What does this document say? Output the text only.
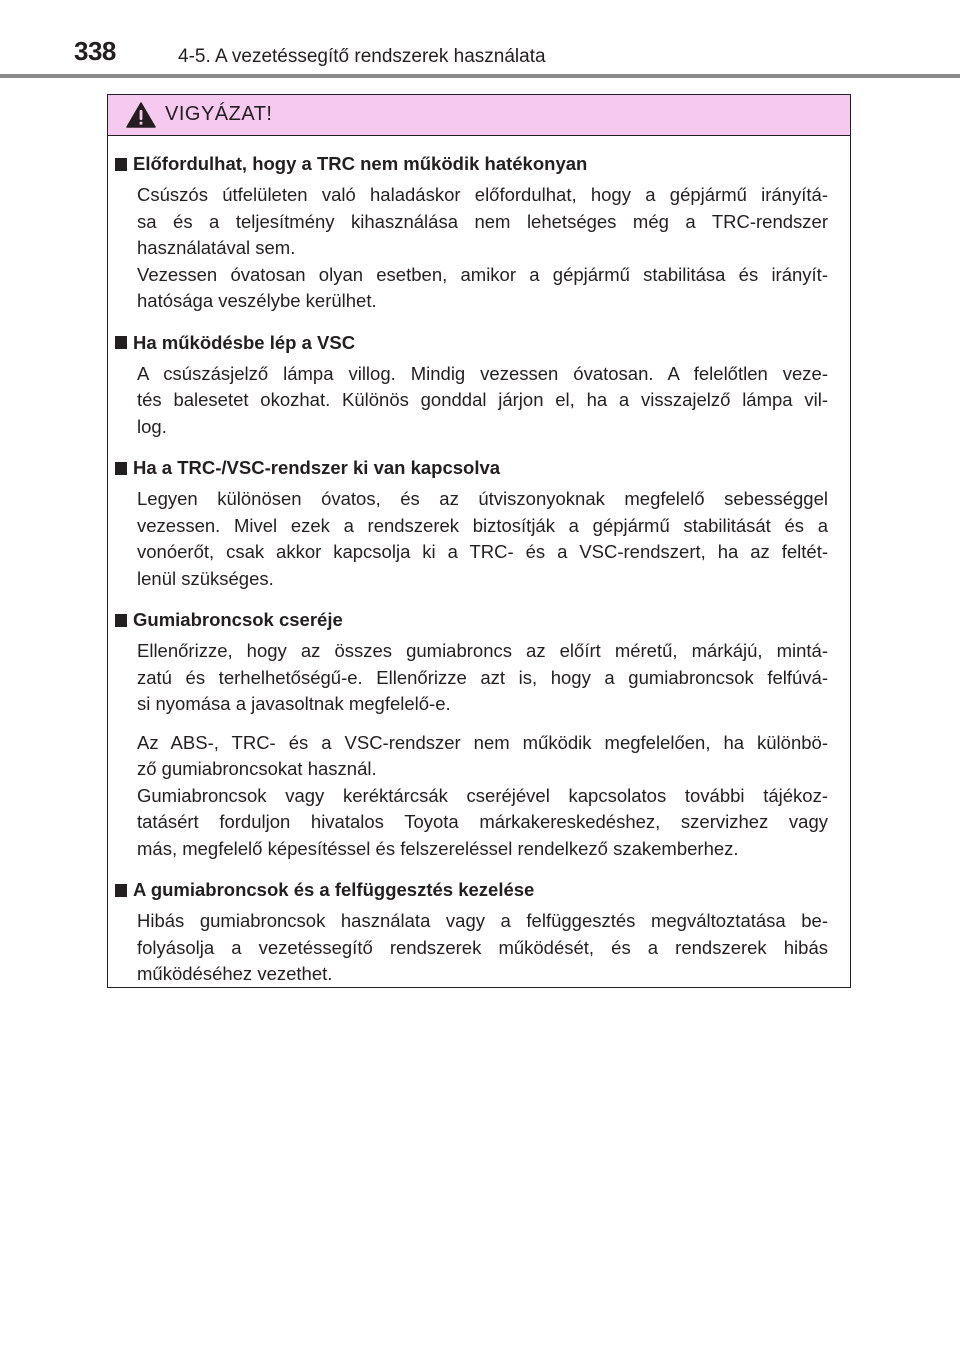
338	4-5. A vezetéssegítő rendszerek használata
VIGYÁZAT!
Előfordulhat, hogy a TRC nem működik hatékonyan
Csúszós útfelületen való haladáskor előfordulhat, hogy a gépjármű irányítá-
sa és a teljesítmény kihasználása nem lehetséges még a TRC-rendszer
használatával sem.
Vezessen óvatosan olyan esetben, amikor a gépjármű stabilitása és irányít-
hatósága veszélybe kerülhet.
Ha működésbe lép a VSC
A csúszásjelző lámpa villog. Mindig vezessen óvatosan. A felelőtlen veze-
tés balesetet okozhat. Különös gonddal járjon el, ha a visszajelző lámpa vil-
log.
Ha a TRC-/VSC-rendszer ki van kapcsolva
Legyen különösen óvatos, és az útviszonyoknak megfelelő sebességgel
vezessen. Mivel ezek a rendszerek biztosítják a gépjármű stabilitását és a
vonóerőt, csak akkor kapcsolja ki a TRC- és a VSC-rendszert, ha az feltét-
lenül szükséges.
Gumiabroncsok cseréje
Ellenőrizze, hogy az összes gumiabroncs az előírt méretű, márkájú, mintá-
zatú és terhelhetőségű-e. Ellenőrizze azt is, hogy a gumiabroncsok felfúvá-
si nyomása a javasoltnak megfelelő-e.
Az ABS-, TRC- és a VSC-rendszer nem működik megfelelően, ha különbö-
ző gumiabroncsokat használ.
Gumiabroncsok vagy keréktárcsák cseréjével kapcsolatos további tájékoz-
tatásért forduljon hivatalos Toyota márkakereskedéshez, szervizhez vagy
más, megfelelő képesítéssel és felszereléssel rendelkező szakemberhez.
A gumiabroncsok és a felfüggesztés kezelése
Hibás gumiabroncsok használata vagy a felfüggesztés megváltoztatása be-
folyásolja a vezetéssegítő rendszerek működését, és a rendszerek hibás
működéséhez vezethet.
